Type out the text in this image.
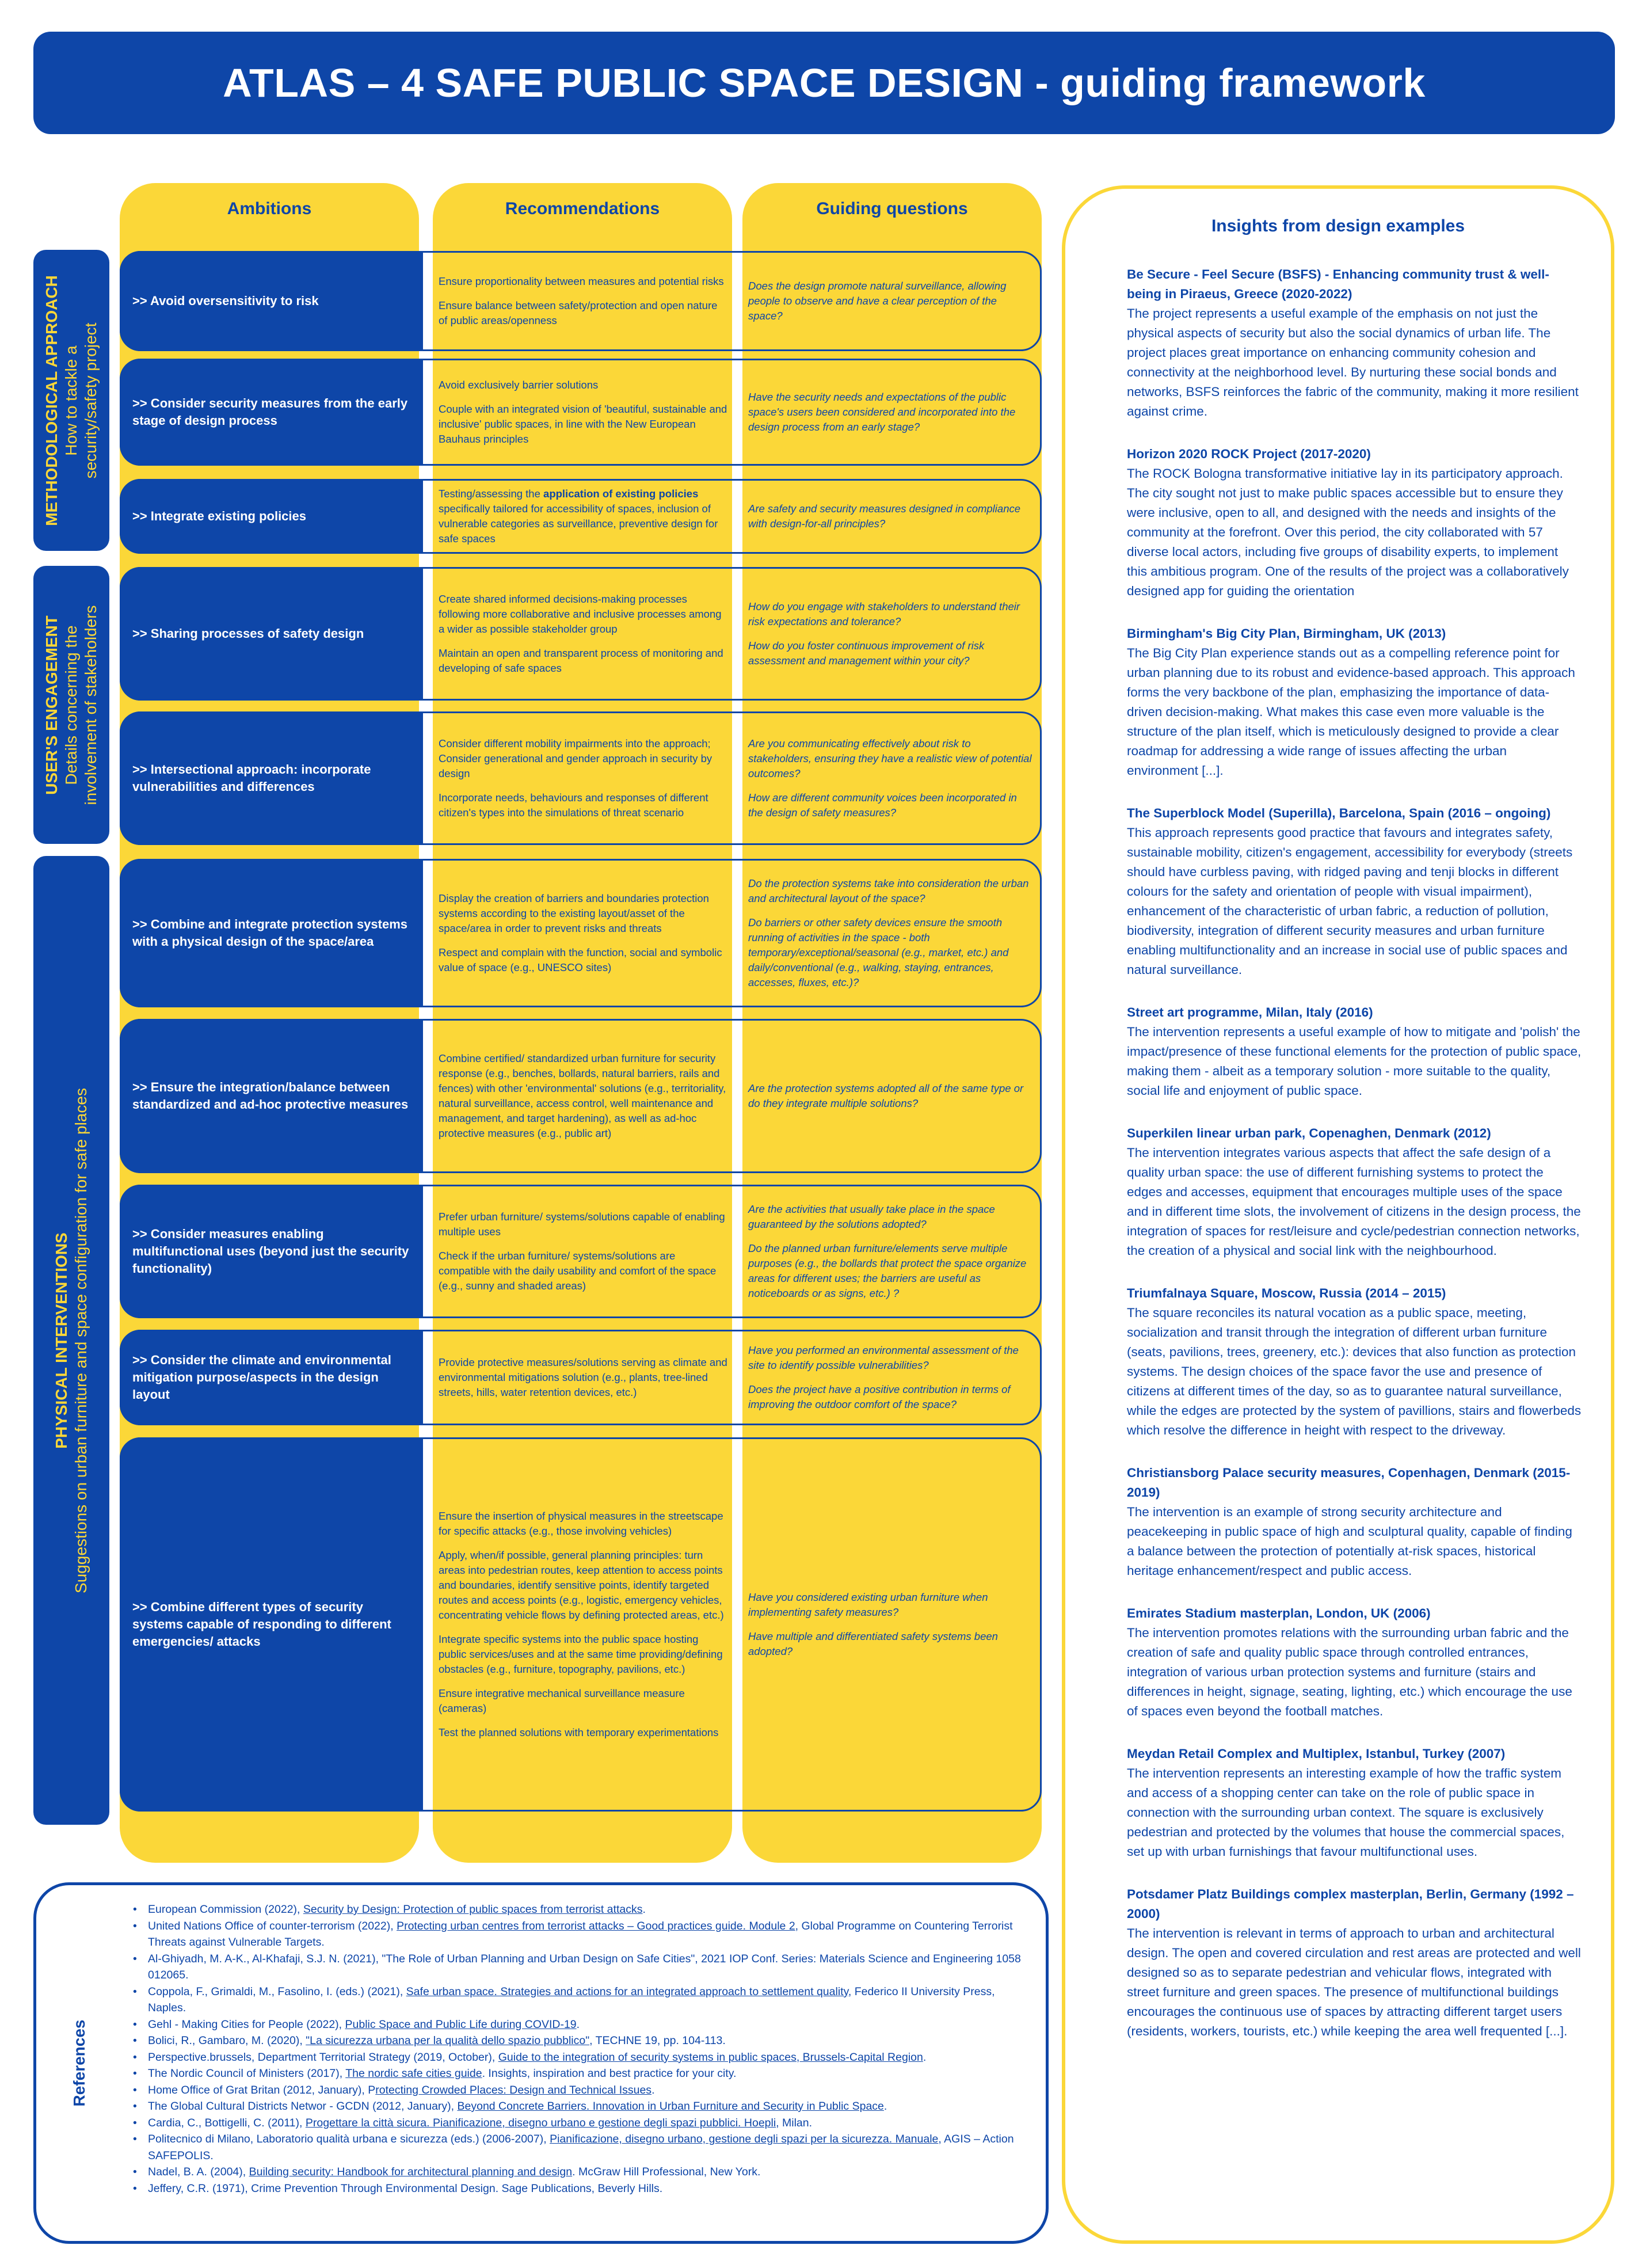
ATLAS – 4 SAFE PUBLIC SPACE DESIGN - guiding framework
Ambitions	Recommendations	Guiding questions
METHODOLOGICAL APPROACH How to tackle a security/safety project
USER'S ENGAGEMENT Details concerning the involvement of stakeholders
PHYSICAL INTERVENTIONS Suggestions on urban furniture and space configuration for safe places
>> Avoid oversensitivity to risk

Ensure proportionality between measures and potential risks

Ensure balance between safety/protection and open nature of public areas/openness

Does the design promote natural surveillance, allowing people to observe and have a clear perception of the space?

>> Consider security measures from the early stage of design process

Avoid exclusively barrier solutions

Couple with an integrated vision of 'beautiful, sustainable and inclusive' public spaces, in line with the New European Bauhaus principles

Have the security needs and expectations of the public space's users been considered and incorporated into the design process from an early stage?

>> Integrate existing policies

Testing/assessing the application of existing policies specifically tailored for accessibility of spaces, inclusion of vulnerable categories as surveillance, preventive design for safe spaces

Are safety and security measures designed in compliance with design-for-all principles?

>> Sharing processes of safety design

Create shared informed decisions-making processes following more collaborative and inclusive processes among a wider as possible stakeholder group

Maintain an open and transparent process of monitoring and developing of safe spaces

How do you engage with stakeholders to understand their risk expectations and tolerance?

How do you foster continuous improvement of risk assessment and management within your city?

>> Intersectional approach: incorporate vulnerabilities and differences

Consider different mobility impairments into the approach; Consider generational and gender approach in security by design

Incorporate needs, behaviours and responses of different citizen's types into the simulations of threat scenario

Are you communicating effectively about risk to stakeholders, ensuring they have a realistic view of potential outcomes?

How are different community voices been incorporated in the design of safety measures?

>> Combine and integrate protection systems with a physical design of the space/area

Display the creation of barriers and boundaries protection systems according to the existing layout/asset of the space/area in order to prevent risks and threats

Respect and complain with the function, social and symbolic value of space (e.g., UNESCO sites)

Do the protection systems take into consideration the urban and architectural layout of the space?

Do barriers or other safety devices ensure the smooth running of activities in the space - both temporary/exceptional/seasonal (e.g., market, etc.) and daily/conventional (e.g., walking, staying, entrances, accesses, fluxes, etc.)?

>> Ensure the integration/balance between standardized and ad-hoc protective measures

Combine certified/ standardized urban furniture for security response (e.g., benches, bollards, natural barriers, rails and fences) with other 'environmental' solutions (e.g., territoriality, natural surveillance, access control, well maintenance and management, and target hardening), as well as ad-hoc protective measures (e.g., public art)

Are the protection systems adopted all of the same type or do they integrate multiple solutions?

>> Consider measures enabling multifunctional uses (beyond just the security functionality)

Prefer urban furniture/ systems/solutions capable of enabling multiple uses

Check if the urban furniture/ systems/solutions are compatible with the daily usability and comfort of the space (e.g., sunny and shaded areas)

Are the activities that usually take place in the space guaranteed by the solutions adopted?

Do the planned urban furniture/elements serve multiple purposes (e.g., the bollards that protect the space organize areas for different uses; the barriers are useful as noticeboards or as signs, etc.) ?

>> Consider the climate and environmental mitigation purpose/aspects in the design layout

Provide protective measures/solutions serving as climate and environmental mitigations solution (e.g., plants, tree-lined streets, hills, water retention devices, etc.)

Have you performed an environmental assessment of the site to identify possible vulnerabilities?

Does the project have a positive contribution in terms of improving the outdoor comfort of the space?

>> Combine different types of security systems capable of responding to different emergencies/ attacks

Ensure the insertion of physical measures in the streetscape for specific attacks (e.g., those involving vehicles)

Apply, when/if possible, general planning principles: turn areas into pedestrian routes, keep attention to access points and boundaries, identify sensitive points, identify targeted routes and access points (e.g., logistic, emergency vehicles, concentrating vehicle flows by defining protected areas, etc.)

Integrate specific systems into the public space hosting public services/uses and at the same time providing/defining obstacles (e.g., furniture, topography, pavilions, etc.)

Ensure integrative mechanical surveillance measure (cameras)

Test the planned solutions with temporary experimentations

Have you considered existing urban furniture when implementing safety measures?

Have multiple and differentiated safety systems been adopted?

Insights from design examples
Be Secure - Feel Secure (BSFS) - Enhancing community trust & well-being in Piraeus, Greece (2020-2022)

The project represents a useful example of the emphasis on not just the physical aspects of security but also the social dynamics of urban life. The project places great importance on enhancing community cohesion and connectivity at the neighborhood level. By nurturing these social bonds and networks, BSFS reinforces the fabric of the community, making it more resilient against crime.

Horizon 2020 ROCK Project (2017-2020)

The ROCK Bologna transformative initiative lay in its participatory approach. The city sought not just to make public spaces accessible but to ensure they were inclusive, open to all, and designed with the needs and insights of the community at the forefront. Over this period, the city collaborated with 57 diverse local actors, including five groups of disability experts, to implement this ambitious program. One of the results of the project was a collaboratively designed app for guiding the orientation

Birmingham's Big City Plan, Birmingham, UK (2013)

The Big City Plan experience stands out as a compelling reference point for urban planning due to its robust and evidence-based approach. This approach forms the very backbone of the plan, emphasizing the importance of data-driven decision-making. What makes this case even more valuable is the structure of the plan itself, which is meticulously designed to provide a clear roadmap for addressing a wide range of issues affecting the urban environment [...].

The Superblock Model (Superilla), Barcelona, Spain (2016 – ongoing)

This approach represents good practice that favours and integrates safety, sustainable mobility, citizen's engagement, accessibility for everybody (streets should have curbless paving, with ridged paving and tenji blocks in different colours for the safety and orientation of people with visual impairment), enhancement of the characteristic of urban fabric, a reduction of pollution, biodiversity, integration of different security measures and urban furniture enabling multifunctionality and an increase in social use of public spaces and natural surveillance.

Street art programme, Milan, Italy (2016)

The intervention represents a useful example of how to mitigate and 'polish' the impact/presence of these functional elements for the protection of public space, making them - albeit as a temporary solution - more suitable to the quality, social life and enjoyment of public space.

Superkilen linear urban park, Copenaghen, Denmark (2012)

The intervention integrates various aspects that affect the safe design of a quality urban space: the use of different furnishing systems to protect the edges and accesses, equipment that encourages multiple uses of the space and in different time slots, the involvement of citizens in the design process, the integration of spaces for rest/leisure and cycle/pedestrian connection networks, the creation of a physical and social link with the neighbourhood.

Triumfalnaya Square, Moscow, Russia (2014 – 2015)

The square reconciles its natural vocation as a public space, meeting, socialization and transit through the integration of different urban furniture (seats, pavilions, trees, greenery, etc.): devices that also function as protection systems. The design choices of the space favor the use and presence of citizens at different times of the day, so as to guarantee natural surveillance, while the edges are protected by the system of pavillions, stairs and flowerbeds which resolve the difference in height with respect to the driveway.

Christiansborg Palace security measures, Copenhagen, Denmark (2015-2019)

The intervention is an example of strong security architecture and peacekeeping in public space of high and sculptural quality, capable of finding a balance between the protection of potentially at-risk spaces, historical heritage enhancement/respect and public access.

Emirates Stadium masterplan, London, UK (2006)

The intervention promotes relations with the surrounding urban fabric and the creation of safe and quality public space through controlled entrances, integration of various urban protection systems and furniture (stairs and differences in height, signage, seating, lighting, etc.) which encourage the use of spaces even beyond the football matches.

Meydan Retail Complex and Multiplex, Istanbul, Turkey (2007)

The intervention represents an interesting example of how the traffic system and access of a shopping center can take on the role of public space in connection with the surrounding urban context. The square is exclusively pedestrian and protected by the volumes that house the commercial spaces, set up with urban furnishings that favour multifunctional uses.

Potsdamer Platz Buildings complex masterplan, Berlin, Germany (1992 – 2000)

The intervention is relevant in terms of approach to urban and architectural design. The open and covered circulation and rest areas are protected and well designed so as to separate pedestrian and vehicular flows, integrated with street furniture and green spaces. The presence of multifunctional buildings encourages the continuous use of spaces by attracting different target users (residents, workers, tourists, etc.) while keeping the area well frequented [...].

References
• European Commission (2022), Security by Design: Protection of public spaces from terrorist attacks.
• United Nations Office of counter-terrorism (2022), Protecting urban centres from terrorist attacks – Good practices guide. Module 2, Global Programme on Countering Terrorist Threats against Vulnerable Targets.
• Al-Ghiyadh, M. A-K., Al-Khafaji, S.J. N. (2021), "The Role of Urban Planning and Urban Design on Safe Cities", 2021 IOP Conf. Series: Materials Science and Engineering 1058 012065.
• Coppola, F., Grimaldi, M., Fasolino, I. (eds.) (2021), Safe urban space. Strategies and actions for an integrated approach to settlement quality, Federico II University Press, Naples.
• Gehl - Making Cities for People (2022), Public Space and Public Life during COVID-19.
• Bolici, R., Gambaro, M. (2020), "La sicurezza urbana per la qualità dello spazio pubblico", TECHNE 19, pp. 104-113.
• Perspective.brussels, Department Territorial Strategy (2019, October), Guide to the integration of security systems in public spaces, Brussels-Capital Region.
• The Nordic Council of Ministers (2017), The nordic safe cities guide. Insights, inspiration and best practice for your city.
• Home Office of Grat Britan (2012, January), Protecting Crowded Places: Design and Technical Issues.
• The Global Cultural Districts Networ - GCDN (2012, January), Beyond Concrete Barriers. Innovation in Urban Furniture and Security in Public Space.
• Cardia, C., Bottigelli, C. (2011), Progettare la città sicura. Pianificazione, disegno urbano e gestione degli spazi pubblici. Hoepli, Milan.
• Politecnico di Milano, Laboratorio qualità urbana e sicurezza (eds.) (2006-2007), Pianificazione, disegno urbano, gestione degli spazi per la sicurezza. Manuale, AGIS – Action SAFEPOLIS.
• Nadel, B. A. (2004), Building security: Handbook for architectural planning and design. McGraw Hill Professional, New York.
• Jeffery, C.R. (1971), Crime Prevention Through Environmental Design. Sage Publications, Beverly Hills.
